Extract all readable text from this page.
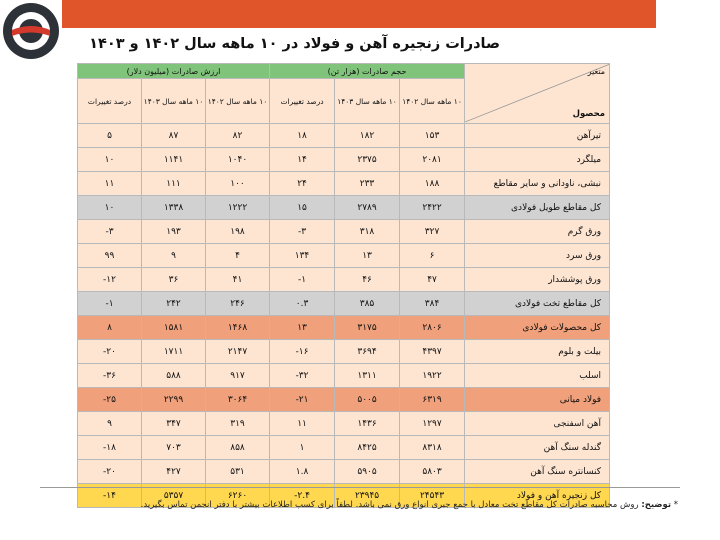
صادرات زنجیره آهن و فولاد در ۱۰ ماهه سال ۱۴۰۲ و ۱۴۰۳
ارزش صادرات (میلیون دلار)			حجم صادرات (هزار تن)			متغیر
محصول

درصد تغییرات	۱۰ ماهه سال ۱۴۰۳	۱۰ ماهه سال ۱۴۰۲	درصد تغییرات	۱۰ ماهه سال ۱۴۰۳	۱۰ ماهه سال ۱۴۰۲	
۵	۸۷	۸۲	۱۸	۱۸۲	۱۵۳	تیرآهن
۱۰	۱۱۴۱	۱۰۴۰	۱۴	۲۳۷۵	۲۰۸۱	میلگرد
۱۱	۱۱۱	۱۰۰	۲۴	۲۳۳	۱۸۸	نبشی، ناودانی و سایر مقاطع
۱۰	۱۳۳۸	۱۲۲۲	۱۵	۲۷۸۹	۲۴۲۲	کل مقاطع طویل فولادی
-۳	۱۹۳	۱۹۸	-۳	۳۱۸	۳۲۷	ورق گرم
۹۹	۹	۴	۱۳۴	۱۳	۶	ورق سرد
-۱۲	۳۶	۴۱	-۱	۴۶	۴۷	ورق پوششدار
-۱	۲۴۲	۲۴۶	۰.۳	۳۸۵	۳۸۴	کل مقاطع تخت فولادی
۸	۱۵۸۱	۱۴۶۸	۱۳	۳۱۷۵	۲۸۰۶	کل محصولات فولادی
-۲۰	۱۷۱۱	۲۱۴۷	-۱۶	۳۶۹۴	۴۳۹۷	بیلت و بلوم
-۳۶	۵۸۸	۹۱۷	-۳۲	۱۳۱۱	۱۹۲۲	اسلب
-۲۵	۲۲۹۹	۳۰۶۴	-۲۱	۵۰۰۵	۶۳۱۹	فولاد میانی
۹	۳۴۷	۳۱۹	۱۱	۱۴۳۶	۱۲۹۷	آهن اسفنجی
-۱۸	۷۰۳	۸۵۸	۱	۸۴۲۵	۸۳۱۸	گندله سنگ آهن
-۲۰	۴۲۷	۵۳۱	۱.۸	۵۹۰۵	۵۸۰۳	کنسانتره سنگ آهن
-۱۴	۵۳۵۷	۶۲۶۰	-۲.۴	۲۳۹۴۵	۲۴۵۴۳	کل زنجیره آهن و فولاد
* توضیح: روش محاسبه صادرات کل مقاطع تخت معادل با جمع جبری انواع ورق نمی باشد. لطفاً برای کسب اطلاعات بیشتر با دفتر انجمن تماس بگیرید.
